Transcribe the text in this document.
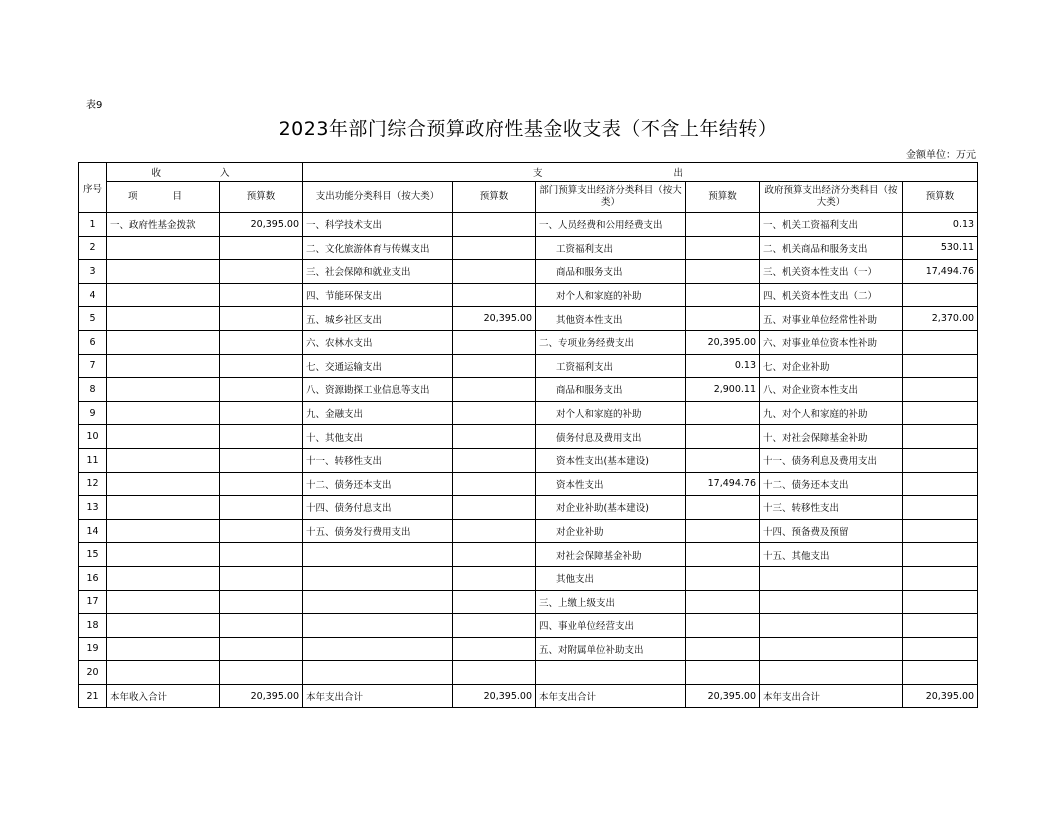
表9
2023年部门综合预算政府性基金收支表（不含上年结转）
金额单位：万元
序号	收 入		支 出					
	项 目	预算数	支出功能分类科目（按大类）	预算数	部门预算支出经济分类科目（按大类）	预算数	政府预算支出经济分类科目（按大类）	预算数
1	一、政府性基金拨款	20,395.00	一、科学技术支出		一、人员经费和公用经费支出		一、机关工资福利支出	0.13
2			二、文化旅游体育与传媒支出		工资福利支出		二、机关商品和服务支出	530.11
3			三、社会保障和就业支出		商品和服务支出		三、机关资本性支出（一）	17,494.76
4			四、节能环保支出		对个人和家庭的补助		四、机关资本性支出（二）	
5			五、城乡社区支出	20,395.00	其他资本性支出		五、对事业单位经常性补助	2,370.00
6			六、农林水支出		二、专项业务经费支出	20,395.00	六、对事业单位资本性补助	
7			七、交通运输支出		工资福利支出	0.13	七、对企业补助	
8			八、资源勘探工业信息等支出		商品和服务支出	2,900.11	八、对企业资本性支出	
9			九、金融支出		对个人和家庭的补助		九、对个人和家庭的补助	
10			十、其他支出		债务付息及费用支出		十、对社会保障基金补助	
11			十一、转移性支出		资本性支出(基本建设)		十一、债务利息及费用支出	
12			十二、债务还本支出		资本性支出	17,494.76	十二、债务还本支出	
13			十四、债务付息支出		对企业补助(基本建设)		十三、转移性支出	
14			十五、债务发行费用支出		对企业补助		十四、预备费及预留	
15					对社会保障基金补助		十五、其他支出	
16					其他支出			
17					三、上缴上级支出			
18					四、事业单位经营支出			
19					五、对附属单位补助支出			
20								
21	本年收入合计	20,395.00	本年支出合计	20,395.00	本年支出合计	20,395.00	本年支出合计	20,395.00
